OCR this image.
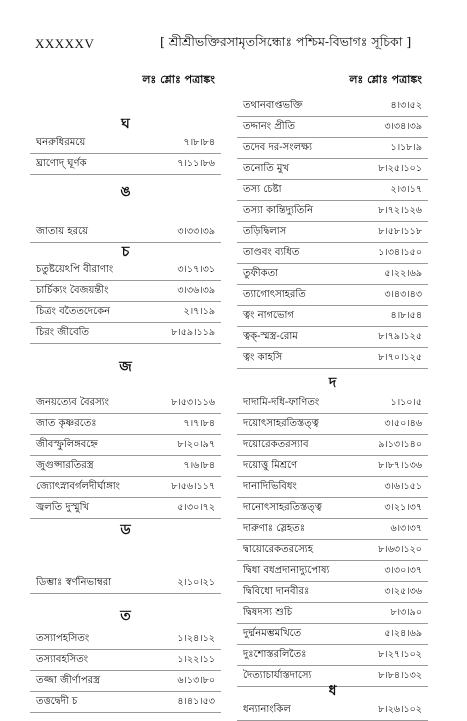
XXXXXV	[ শ্রীশ্রীভক্তিরসামৃতসিন্ধোঃ পশ্চিম-বিভাগঃ সূচিকা ]
লঃ শ্লোঃ পত্রাঙ্কং
ঘ
ঘনরুধিরময়ে	৭।৮।৮৪
ঘ্রাণোদ্ ঘূর্ণক	৭।১১।৮৬
ঙ
জাতায় হরয়ে	৩।৩৩।৩৯
চ
চতুষ্টয়েঽপি বীরাণাং	৩।১৭।৩১
চার্চিক্যং বৈজয়ন্তীং	৩।৩৬।৩৯
চিত্রং বতৈতদেকেন	২।৭।১৯
চিরং জীবেতি	৮।৫৯।১১৯
জ
জনয়ত্যেব বৈরস্যং	৮।৫৩।১১৬
জাত কৃষ্ণরতেঃ	৭।৭।৮৪
জীবস্ফুলিঙ্গবহ্নে	৮।২০।৯৭
জুগুপ্সারতিরস্ত্র	৭।৬।৮৪
জ্যোৎস্নাবর্গলদীর্ঘাঙ্গাং	৮।৫৬।১১৭
জ্বলতি দুস্মুখি	৫।৩০।৭২
ড
ডিম্ভাঃ স্বর্ণনিভাম্বরা	২।১০।২১
ত
তস্যাপহসিতং	১।২৪।১২
তস্যাবহসিতং	১।২২।১১
তজ্জা জীর্ণাপরস্ত্র	৬।১৩।৮০
তত্তদ্বেদী চ	৪।৪১।৫৩
লঃ শ্লোঃ পত্রাঙ্কং
তথানবাপ্তভক্তি	৪।৩।৫২
তদ্দানং প্রীতি	৩।৩৪।৩৯
তদেব দর-সংলক্ষ্য	১।১৮।৯
তনোতি মুখ	৮।২৫।১০১
তস্য চেষ্টা	২।৩।১৭
তস্যা কান্তিদ্যুতিনি	৮।৭২।১২৬
তড়িদ্বিলাস	৮।৫৮।১১৮
তাণ্ডবং ব্যধিত	১।৩৪।১৫০
তুফীকতা	৫।২২।৬৯
ত্যাগোৎসাহরতি	৩।৪৩।৪৩
ত্বং নাগভোগ	৪।৮।৫৪
ত্বক্-স্মস্ত্র-রোম	৮।৭৯।১২৫
ত্বং কাহসি	৮।৭০।১২৫
দ
দাদামি-দধি-ফাণিতং	১।১০।৫
দয়োৎসাহরতিস্তত্ত্ব	৩।৫০।৪৬
দয়োরেকতরস্যাব	৯।১৩।১৪০
দয়োত্তু মিশ্রণে	৮।৮৭।১৩৬
দানাদিভিবিধং	৩।৬।১৫১
দানোৎসাহরতিস্তত্ত্ব	৩।২১।৩৭
দারুণাঃ স্লেহতঃ	৬।৩।৩৭
দ্বায়োরেকতরস্যেহ	৮।৬৩।১২০
দ্বিধা বধপ্রদানাদ্যুপোষ্য	৩।৩০।৩৭
দ্বিবিধো দানবীরঃ	৩।২৫।৩৬
দ্বিষদস্য শুচি	৮।৩।৯০
দুর্দ্মনমম্ভমখিতে	৫।২৪।৬৯
দুঃশোস্তরলিতৈঃ	৮।২৭।১০২
দৈত্যাচার্যাস্তদাস্যে	৮।৮৪।১৩২
ধ
ধন্যানাংকিল	৮।২৬।১০২
